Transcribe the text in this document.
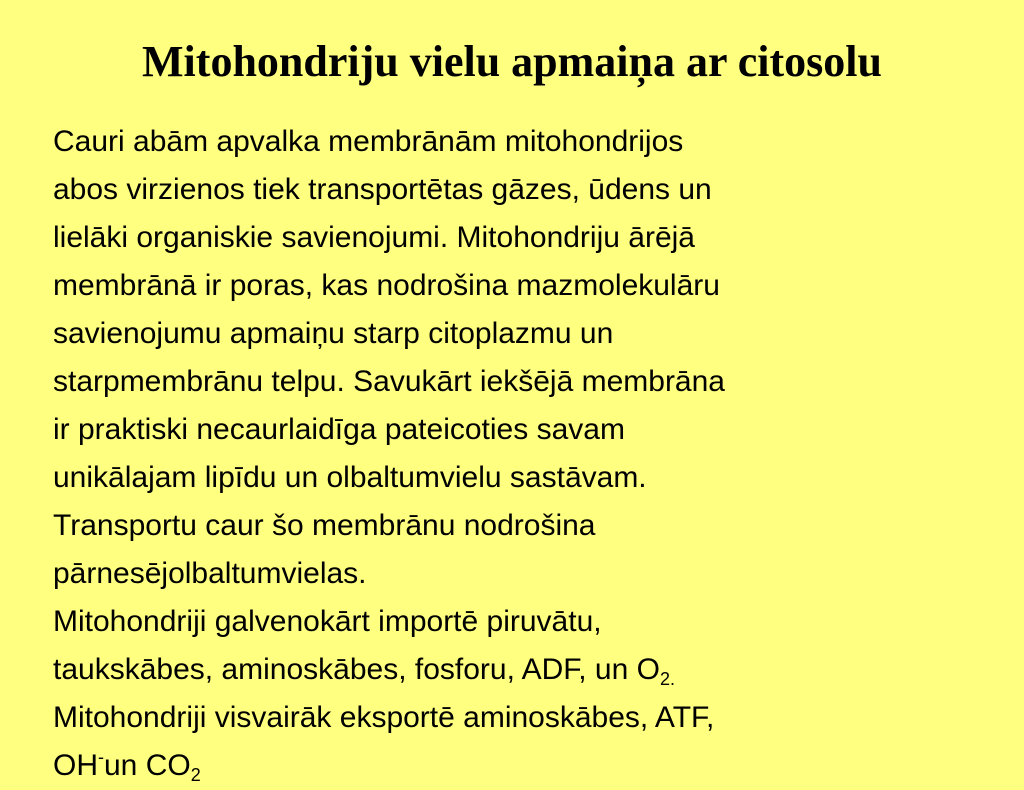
Mitohondriju vielu apmaiņa ar citosolu
Cauri abām apvalka membrānām mitohondrijos
abos virzienos tiek transportētas gāzes, ūdens un
lielāki organiskie savienojumi. Mitohondriju ārējā
membrānā ir poras, kas nodrošina mazmolekulāru
savienojumu apmaiņu starp citoplazmu un
starpmembrānu telpu. Savukārt iekšējā membrāna
ir praktiski necaurlaidīga pateicoties savam
unikālajam lipīdu un olbaltumvielu sastāvam.
Transportu caur šo membrānu nodrošina
pārnesējolbaltumvielas.
Mitohondriji galvenokārt importē piruvātu,
taukskābes, aminoskābes, fosforu, ADF, un $O_{2.}$
Mitohondriji visvairāk eksportē aminoskābes, ATF,
OH-un $CO_2$
